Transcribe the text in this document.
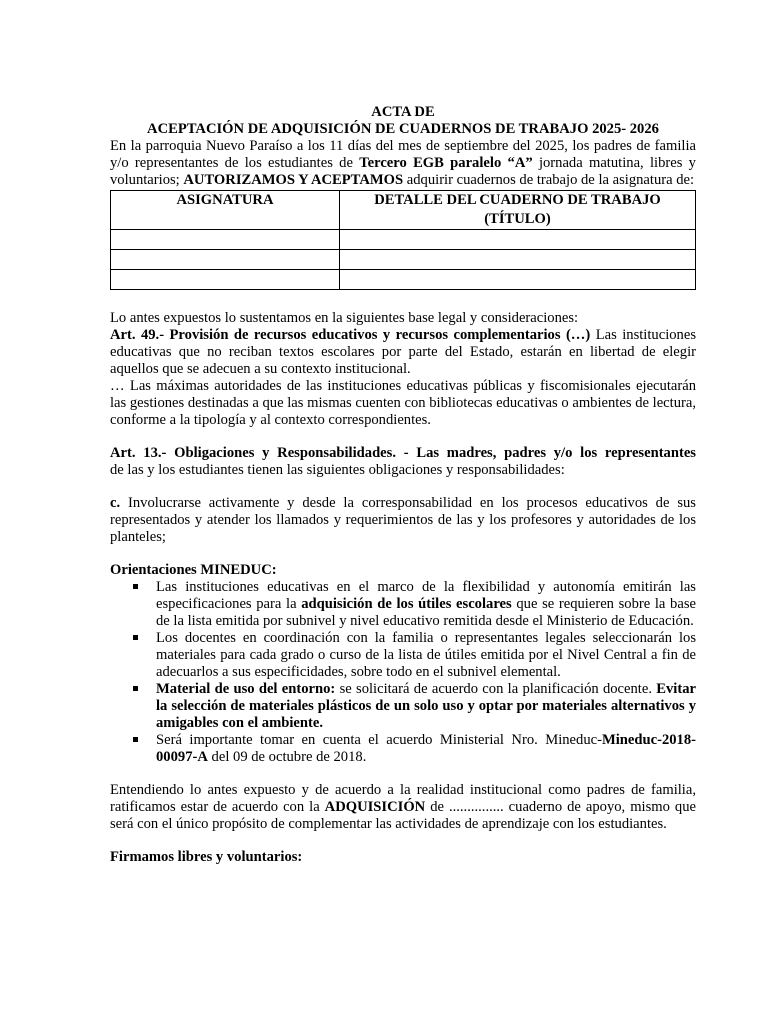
ACTA DE
ACEPTACIÓN DE ADQUISICIÓN DE CUADERNOS DE TRABAJO 2025- 2026
En la parroquia Nuevo Paraíso a los 11 días del mes de septiembre del 2025, los padres de familia y/o representantes de los estudiantes de Tercero EGB paralelo “A” jornada matutina, libres y voluntarios; AUTORIZAMOS Y ACEPTAMOS adquirir cuadernos de trabajo de la asignatura de:
ASIGNATURA	DETALLE DEL CUADERNO DE TRABAJO
(TÍTULO)

Lo antes expuestos lo sustentamos en la siguientes base legal y consideraciones:
Art. 49.- Provisión de recursos educativos y recursos complementarios (…) Las instituciones educativas que no reciban textos escolares por parte del Estado, estarán en libertad de elegir aquellos que se adecuen a su contexto institucional.
… Las máximas autoridades de las instituciones educativas públicas y fiscomisionales ejecutarán las gestiones destinadas a que las mismas cuenten con bibliotecas educativas o ambientes de lectura, conforme a la tipología y al contexto correspondientes.
Art. 13.- Obligaciones y Responsabilidades. - Las madres, padres y/o los representantes
de las y los estudiantes tienen las siguientes obligaciones y responsabilidades:
c. Involucrarse activamente y desde la corresponsabilidad en los procesos educativos de sus representados y atender los llamados y requerimientos de las y los profesores y autoridades de los planteles;
Orientaciones MINEDUC:
Las instituciones educativas en el marco de la flexibilidad y autonomía emitirán las especificaciones para la adquisición de los útiles escolares que se requieren sobre la base de la lista emitida por subnivel y nivel educativo remitida desde el Ministerio de Educación.
Los docentes en coordinación con la familia o representantes legales seleccionarán los materiales para cada grado o curso de la lista de útiles emitida por el Nivel Central a fin de adecuarlos a sus especificidades, sobre todo en el subnivel elemental.
Material de uso del entorno: se solicitará de acuerdo con la planificación docente. Evitar la selección de materiales plásticos de un solo uso y optar por materiales alternativos y amigables con el ambiente.
Será importante tomar en cuenta el acuerdo Ministerial Nro. Mineduc-Mineduc-2018-00097-A del 09 de octubre de 2018.
Entendiendo lo antes expuesto y de acuerdo a la realidad institucional como padres de familia, ratificamos estar de acuerdo con la ADQUISICIÓN de ............... cuaderno de apoyo, mismo que será con el único propósito de complementar las actividades de aprendizaje con los estudiantes.
Firmamos libres y voluntarios:
